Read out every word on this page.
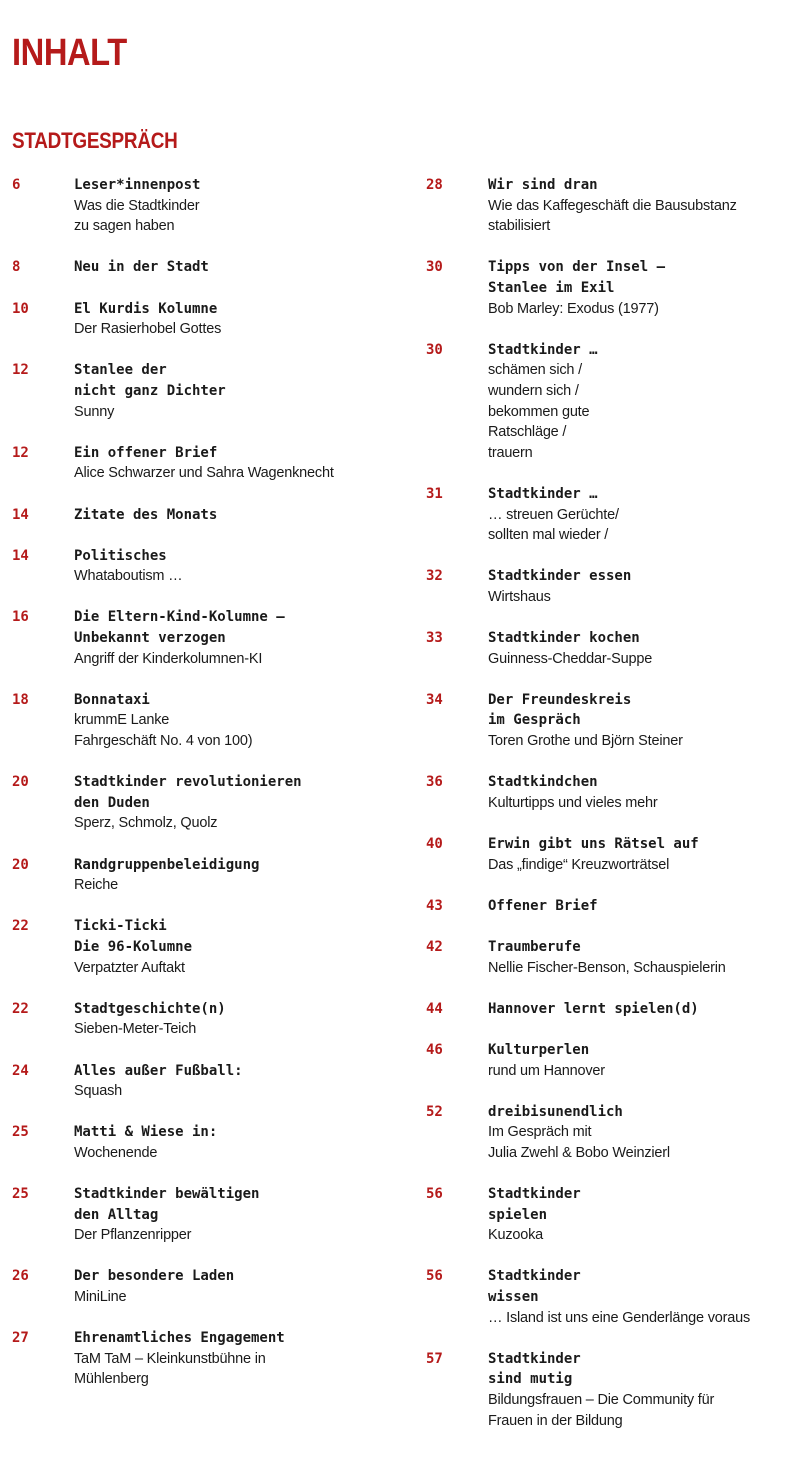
INHALT
STADTGESPRÄCH
6	Leser*innenpost
Was die Stadtkinder
zu sagen haben
8	Neu in der Stadt
10	El Kurdis Kolumne
Der Rasierhobel Gottes
12	Stanlee der
nicht ganz Dichter
Sunny
12	Ein offener Brief
Alice Schwarzer und Sahra Wagenknecht
14	Zitate des Monats
14	Politisches
Whataboutism …
16	Die Eltern-Kind-Kolumne –
Unbekannt verzogen
Angriff der Kinderkolumnen-KI
18	Bonnataxi
krummE Lanke
Fahrgeschäft No. 4 von 100)
20	Stadtkinder revolutionieren
den Duden
Sperz, Schmolz, Quolz
20	Randgruppenbeleidigung
Reiche
22	Ticki-Ticki
Die 96-Kolumne
Verpatzter Auftakt
22	Stadtgeschichte(n)
Sieben-Meter-Teich
24	Alles außer Fußball:
Squash
25	Matti & Wiese in:
Wochenende
25	Stadtkinder bewältigen
den Alltag
Der Pflanzenripper
26	Der besondere Laden
MiniLine
27	Ehrenamtliches Engagement
TaM TaM – Kleinkunstbühne in
Mühlenberg
28	Wir sind dran
Wie das Kaffegeschäft die Bausubstanz
stabilisiert
30	Tipps von der Insel –
Stanlee im Exil
Bob Marley: Exodus (1977)
30	Stadtkinder …
schämen sich /
wundern sich /
bekommen gute
Ratschläge /
trauern
31	Stadtkinder …
… streuen Gerüchte/
sollten mal wieder /
32	Stadtkinder essen
Wirtshaus
33	Stadtkinder kochen
Guinness-Cheddar-Suppe
34	Der Freundeskreis
im Gespräch
Toren Grothe und Björn Steiner
36	Stadtkindchen
Kulturtipps und vieles mehr
40	Erwin gibt uns Rätsel auf
Das „findige“ Kreuzworträtsel
43	Offener Brief
42	Traumberufe
Nellie Fischer-Benson, Schauspielerin
44	Hannover lernt spielen(d)
46	Kulturperlen
rund um Hannover
52	dreibisunendlich
Im Gespräch mit
Julia Zwehl & Bobo Weinzierl
56	Stadtkinder
spielen
Kuzooka
56	Stadtkinder
wissen
… Island ist uns eine Genderlänge voraus
57	Stadtkinder
sind mutig
Bildungsfrauen – Die Community für
Frauen in der Bildung
